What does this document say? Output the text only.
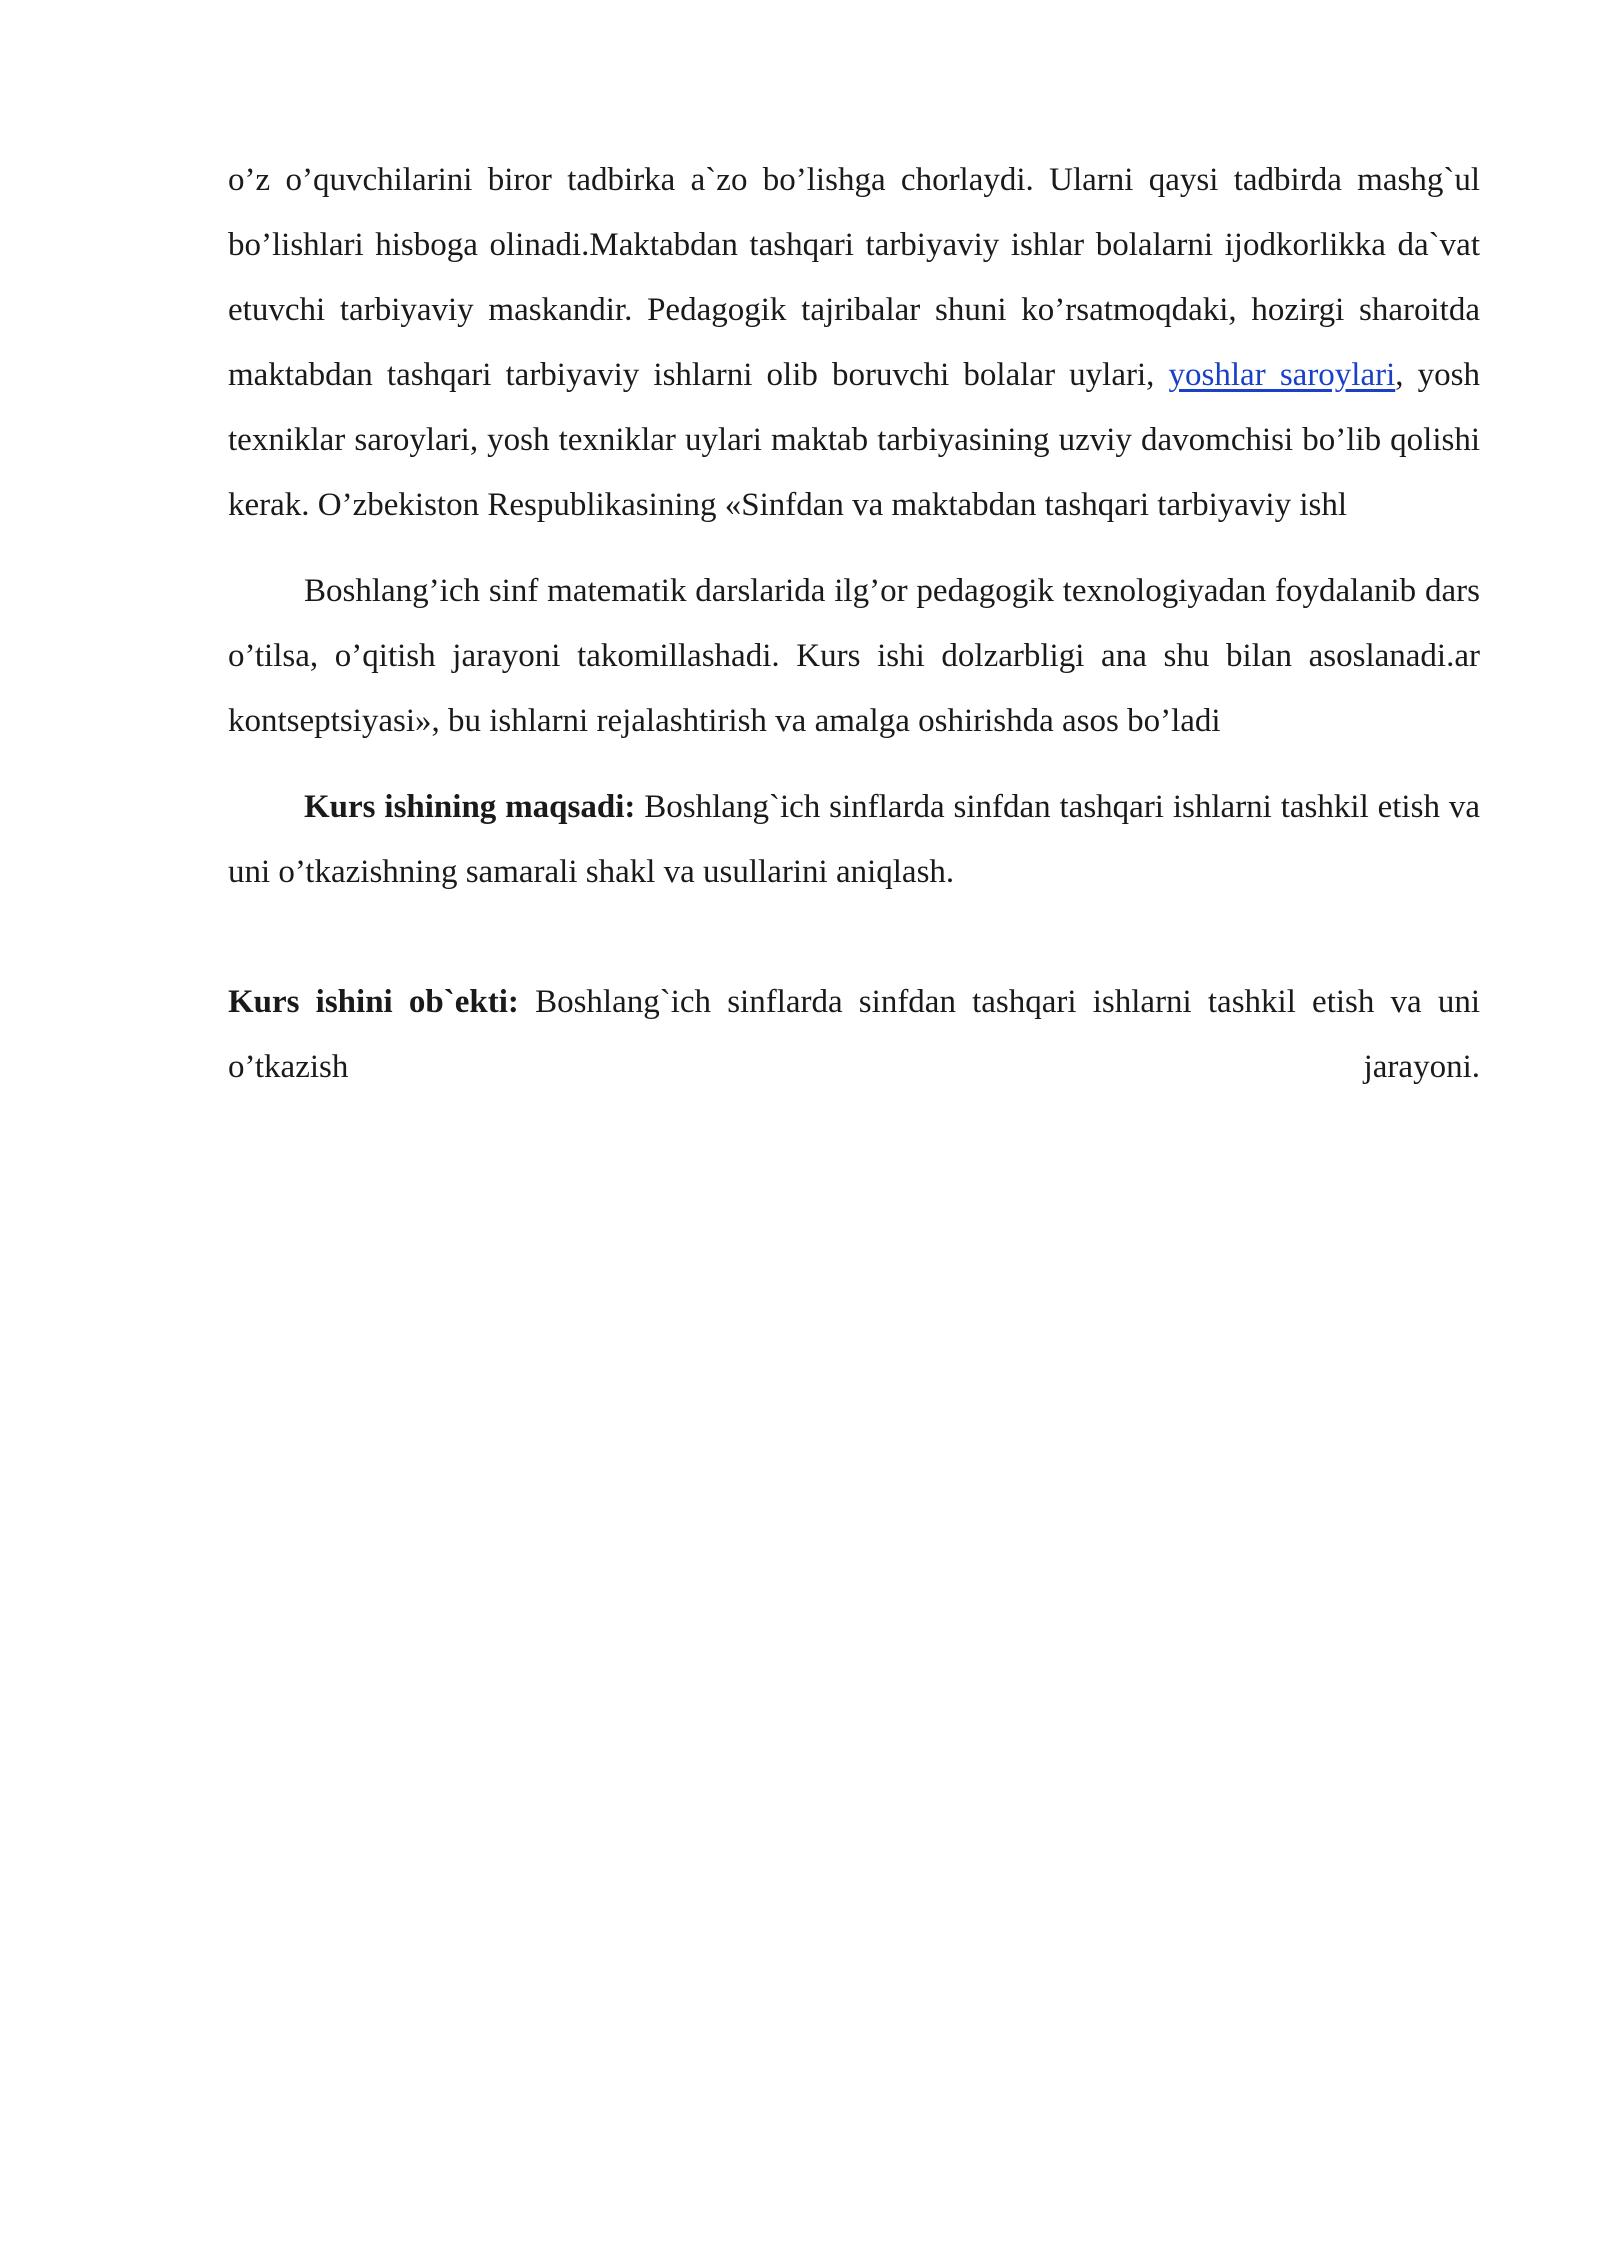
o’z o’quvchilarini biror tadbirka a`zo bo’lishga chorlaydi. Ularni qaysi tadbirda mashg`ul bo’lishlari hisboga olinadi.Maktabdan tashqari tarbiyaviy ishlar bolalarni ijodkorlikka da`vat etuvchi tarbiyaviy maskandir. Pedagogik tajribalar shuni ko’rsatmoqdaki, hozirgi sharoitda maktabdan tashqari tarbiyaviy ishlarni olib boruvchi bolalar uylari, yoshlar saroylari, yosh texniklar saroylari, yosh texniklar uylari maktab tarbiyasining uzviy davomchisi bo’lib qolishi kerak. O’zbekiston Respublikasining «Sinfdan va maktabdan tashqari tarbiyaviy ishl

Boshlang’ich sinf matematik darslarida ilg’or pedagogik texnologiyadan foydalanib dars o’tilsa, o’qitish jarayoni takomillashadi. Kurs ishi dolzarbligi ana shu bilan asoslanadi.ar kontseptsiyasi», bu ishlarni rejalashtirish va amalga oshirishda asos bo’ladi

Kurs ishining maqsadi: Boshlang`ich sinflarda sinfdan tashqari ishlarni tashkil etish va uni o’tkazishning samarali shakl va usullarini aniqlash.

Kurs ishini ob`ekti: Boshlang`ich sinflarda sinfdan tashqari ishlarni tashkil etish va uni o’tkazish jarayoni.
